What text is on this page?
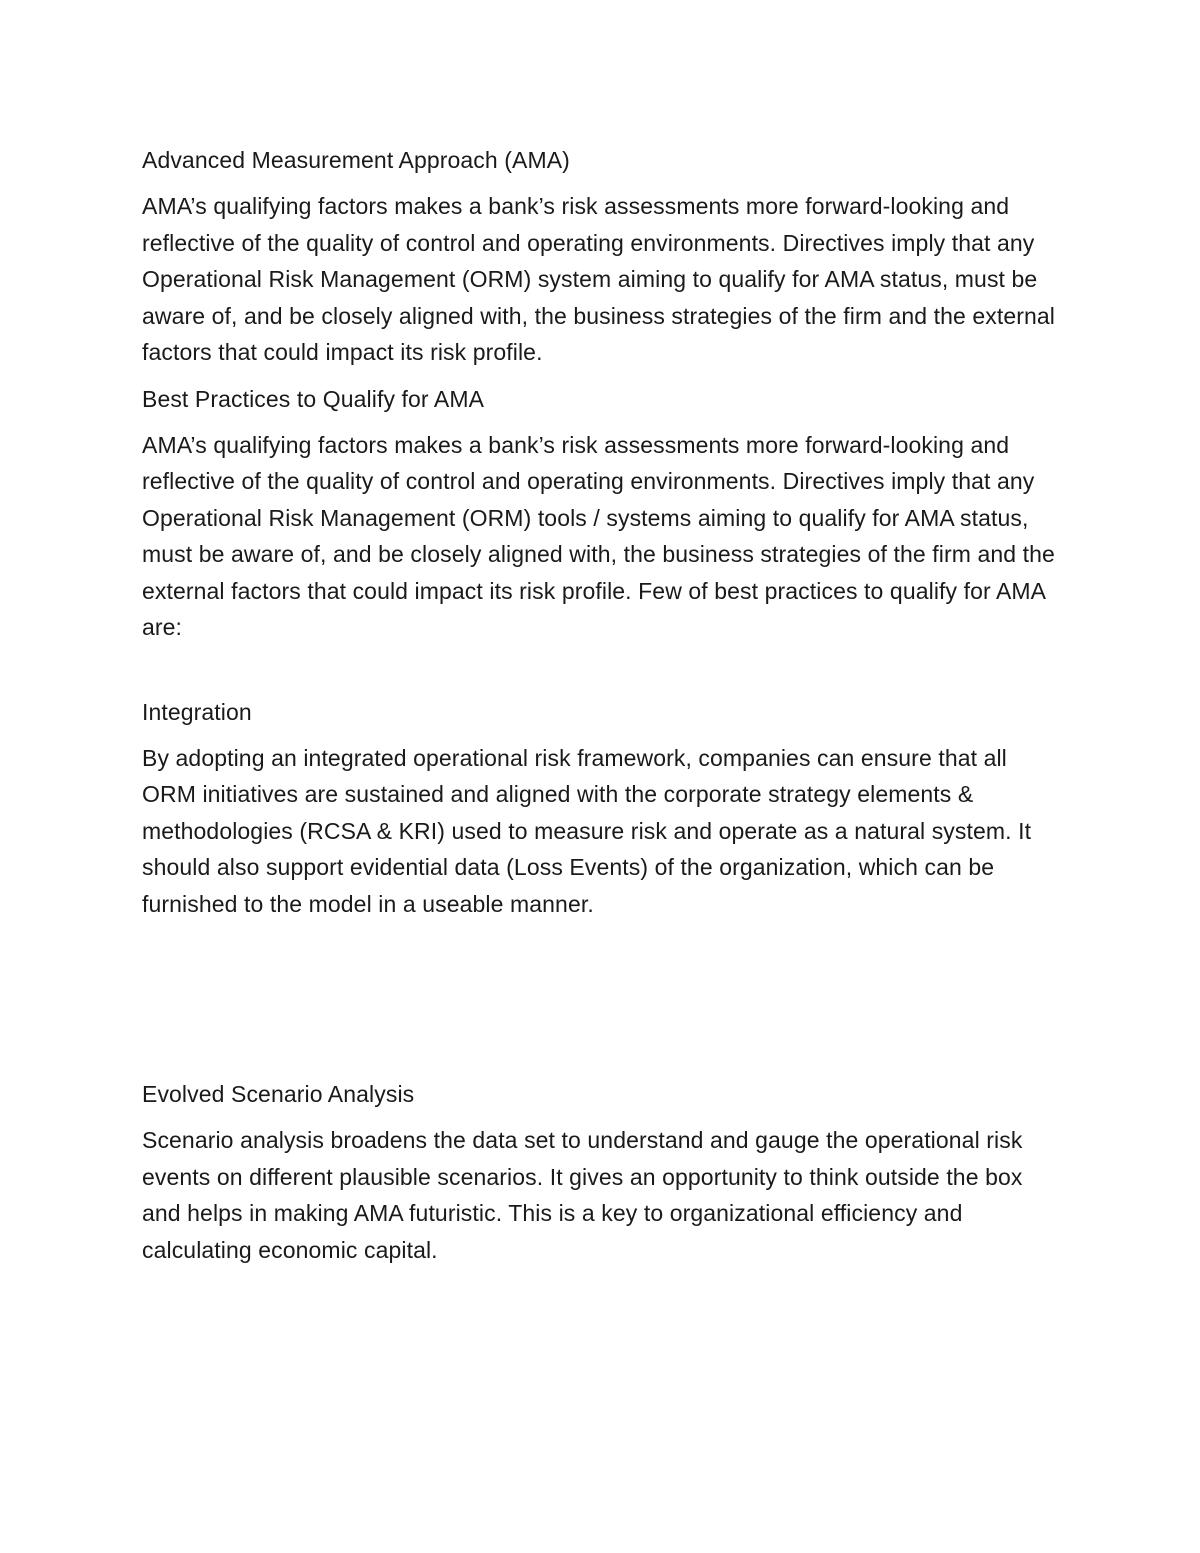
Advanced Measurement Approach (AMA)

AMA’s qualifying factors makes a bank’s risk assessments more forward-looking and reflective of the quality of control and operating environments. Directives imply that any Operational Risk Management (ORM) system aiming to qualify for AMA status, must be aware of, and be closely aligned with, the business strategies of the firm and the external factors that could impact its risk profile.

Best Practices to Qualify for AMA

AMA’s qualifying factors makes a bank’s risk assessments more forward-looking and reflective of the quality of control and operating environments. Directives imply that any Operational Risk Management (ORM) tools / systems aiming to qualify for AMA status, must be aware of, and be closely aligned with, the business strategies of the firm and the external factors that could impact its risk profile. Few of best practices to qualify for AMA are:

Integration

By adopting an integrated operational risk framework, companies can ensure that all ORM initiatives are sustained and aligned with the corporate strategy elements & methodologies (RCSA & KRI) used to measure risk and operate as a natural system. It should also support evidential data (Loss Events) of the organization, which can be furnished to the model in a useable manner.

Evolved Scenario Analysis

Scenario analysis broadens the data set to understand and gauge the operational risk events on different plausible scenarios. It gives an opportunity to think outside the box and helps in making AMA futuristic. This is a key to organizational efficiency and calculating economic capital.
